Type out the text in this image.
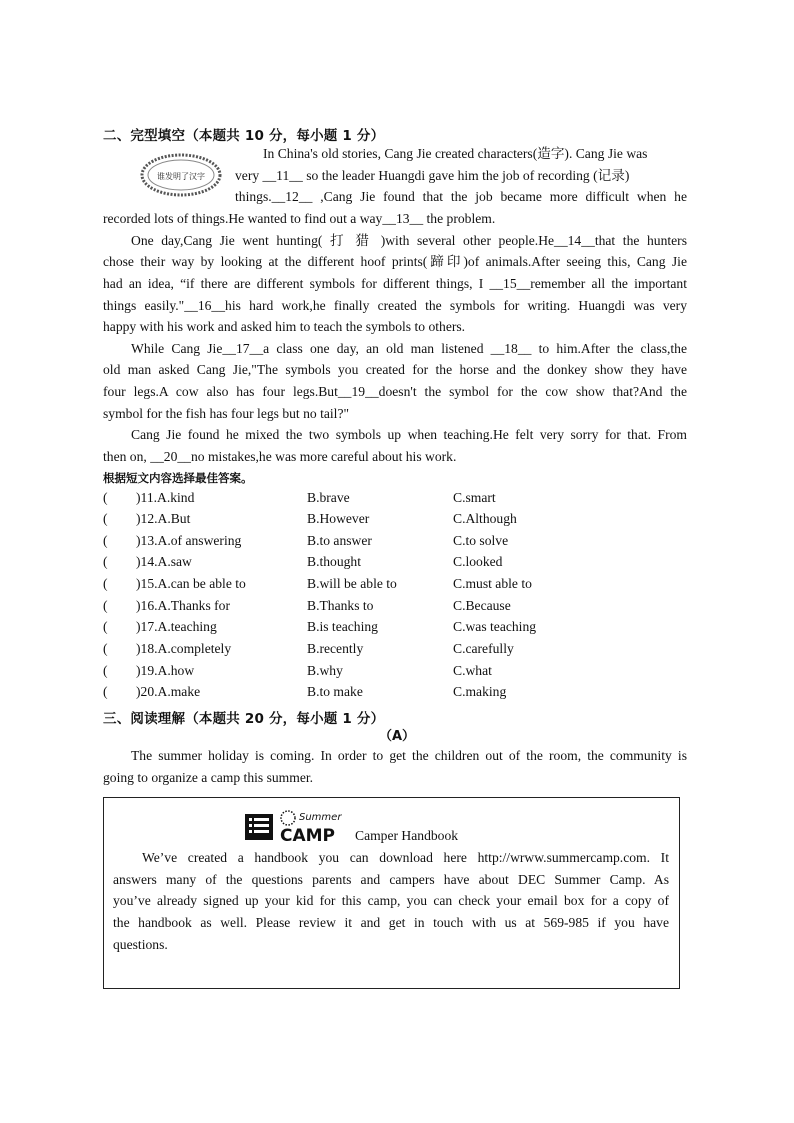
二、完型填空（本题共 10 分，每小题 1 分）
谁发明了汉字
In China's old stories, Cang Jie created characters(造字). Cang Jie was
very __11__ so the leader Huangdi gave him the job of recording (记录)
things.__12__ ,Cang Jie found that the job became more difficult when he
recorded lots of things.He wanted to find out a way__13__ the problem.
One day,Cang Jie went hunting( 打 猎 )with several other people.He__14__that the hunters
chose their way by looking at the different hoof prints(蹄印)of animals.After seeing this, Cang Jie
had an idea, “if there are different symbols for different things, I __15__remember all the important
things easily."__16__his hard work,he finally created the symbols for writing. Huangdi was very
happy with his work and asked him to teach the symbols to others.
While Cang Jie__17__a class one day, an old man listened __18__ to him.After the class,the
old man asked Cang Jie,"The symbols you created for the horse and the donkey show they have
four legs.A cow also has four legs.But__19__doesn't the symbol for the cow show that?And the
symbol for the fish has four legs but no tail?"
Cang Jie found he mixed the two symbols up when teaching.He felt very sorry for that. From
then on, __20__no mistakes,he was more careful about his work.
根据短文内容选择最佳答案。
( )11.A.kind	B.brave	C.smart
( )12.A.But	B.However	C.Although
( )13.A.of answering	B.to answer	C.to solve
( )14.A.saw	B.thought	C.looked
( )15.A.can be able to	B.will be able to	C.must able to
( )16.A.Thanks for	B.Thanks to	C.Because
( )17.A.teaching	B.is teaching	C.was teaching
( )18.A.completely	B.recently	C.carefully
( )19.A.how	B.why	C.what
( )20.A.make	B.to make	C.making
三、阅读理解（本题共 20 分，每小题 1 分）
（A）
The summer holiday is coming. In order to get the children out of the room, the community is
going to organize a camp this summer.
Summer
CAMP Camper Handbook
We’ve created a handbook you can download here http://wrww.summercamp.com. It
answers many of the questions parents and campers have about DEC Summer Camp. As
you’ve already signed up your kid for this camp, you can check your email box for a copy of
the handbook as well. Please review it and get in touch with us at 569-985 if you have
questions.
